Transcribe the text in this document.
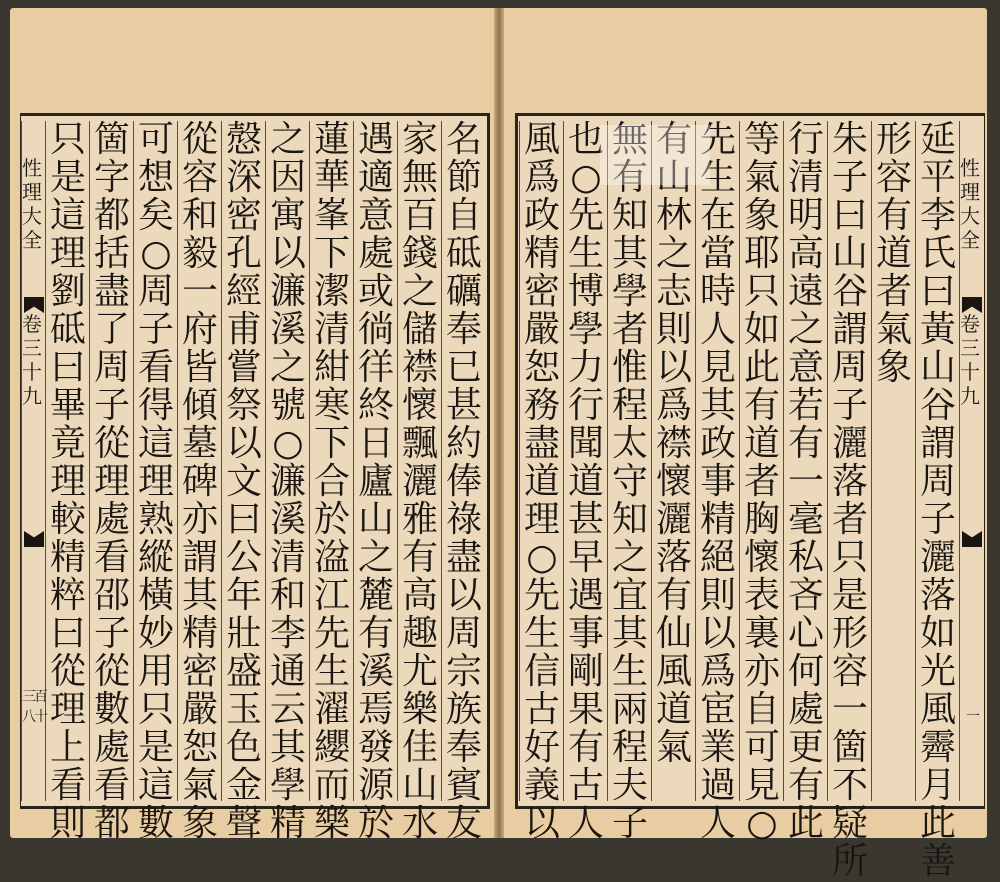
性理大全
卷三十九
三百八十
名
節
自
砥
礪
奉
已
甚
約
俸
祿
盡
以
周
宗
族
奉
賓
友
家
無
百
錢
之
儲
襟
懷
飄
灑
雅
有
高
趣
尤
樂
佳
山
水
遇
適
意
處
或
徜
徉
終
日
廬
山
之
麓
有
溪
焉
發
源
於
蓮
華
峯
下
潔
清
紺
寒
下
合
於
湓
江
先
生
濯
纓
而
樂
之
因
寓
以
濂
溪
之
號
○
濂
溪
清
和
李
通
云
其
學
精
慤
深
密
孔
經
甫
嘗
祭
以
文
曰
公
年
壯
盛
玉
色
金
聲
從
容
和
毅
一
府
皆
傾
墓
碑
亦
謂
其
精
密
嚴
恕
氣
象
可
想
矣
○
周
子
看
得
這
理
熟
縱
橫
妙
用
只
是
這
數
箇
字
都
括
盡
了
周
子
從
理
處
看
邵
子
從
數
處
看
都
只
是
這
理
劉
砥
曰
畢
竟
理
較
精
粹
曰
從
理
上
看
則
性理大全
卷三十九
一
延
平
李
氏
曰
黃
山
谷
謂
周
子
灑
落
如
光
風
霽
月
此
善
形
容
有
道
者
氣
象
朱
子
曰
山
谷
謂
周
子
灑
落
者
只
是
形
容
一
箇
不
疑
所
行
清
明
高
遠
之
意
若
有
一
毫
私
吝
心
何
處
更
有
此
等
氣
象
耶
只
如
此
有
道
者
胸
懷
表
裏
亦
自
可
見
○
先
生
在
當
時
人
見
其
政
事
精
絕
則
以
爲
宦
業
過
人
有
山
林
之
志
則
以
爲
襟
懷
灑
落
有
仙
風
道
氣
無
有
知
其
學
者
惟
程
太
守
知
之
宜
其
生
兩
程
夫
子
也
○
先
生
博
學
力
行
聞
道
甚
早
遇
事
剛
果
有
古
人
風
爲
政
精
密
嚴
恕
務
盡
道
理
○
先
生
信
古
好
義
以
